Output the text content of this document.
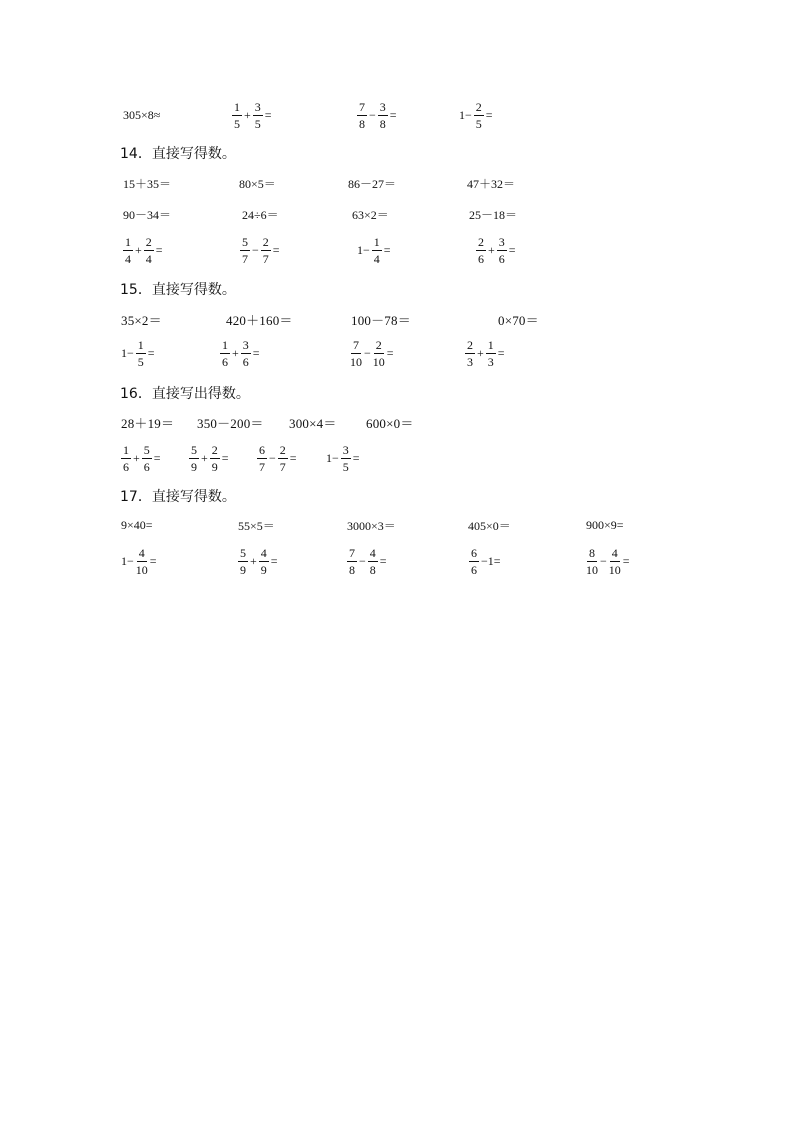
305×8≈	$\frac{1}{5} + \frac{3}{5}$ =	$\frac{7}{8} - \frac{3}{8}$ =	$1- \frac{2}{5}$ =
14．直接写得数。
15＋35＝	80×5＝	86－27＝	47＋32＝
90－34＝	24÷6＝	63×2＝	25－18＝
$\frac{1}{4} + \frac{2}{4}$ =	$\frac{5}{7} - \frac{2}{7}$ =	$1- \frac{1}{4}$ =	$\frac{2}{6} + \frac{3}{6}$ =
15．直接写得数。
35×2＝	420＋160＝	100－78＝	0×70＝
$1- \frac{1}{5}$ =	$\frac{1}{6} + \frac{3}{6}$ =	$\frac{7}{10} - \frac{2}{10}$ =	$\frac{2}{3} + \frac{1}{3}$ =
16．直接写出得数。
28＋19＝ 350－200＝ 300×4＝ 600×0＝
$\frac{1}{6} + \frac{5}{6} = \frac{5}{9} + \frac{2}{9} = \frac{6}{7} - \frac{2}{7} = 1- \frac{3}{5}$ =
17．直接写得数。
9×40=	55×5＝	3000×3＝	405×0＝	900×9=
$1- \frac{4}{10}$ =	$\frac{5}{9} + \frac{4}{9}$ =	$\frac{7}{8} - \frac{4}{8}$ =	$\frac{6}{6} -1=$	$\frac{8}{10} - \frac{4}{10}$ =
